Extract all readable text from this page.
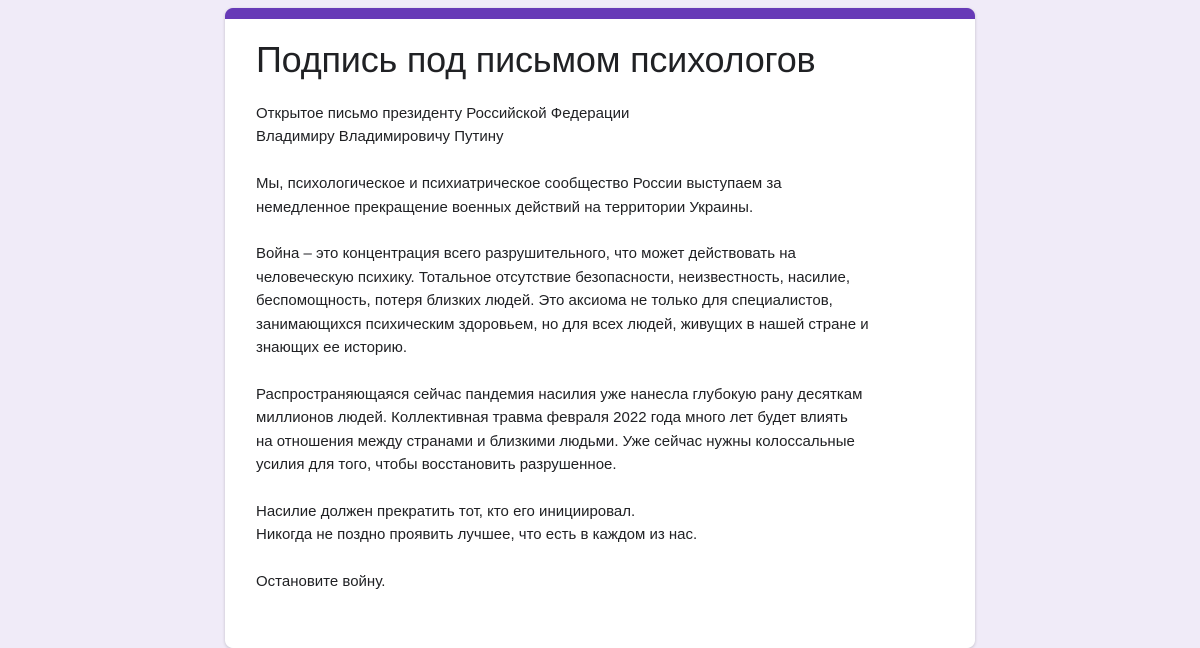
Подпись под письмом психологов

Открытое письмо президенту Российской Федерации
Владимиру Владимировичу Путину

Мы, психологическое и психиатрическое сообщество России выступаем за
немедленное прекращение военных действий на территории Украины.

Война – это концентрация всего разрушительного, что может действовать на
человеческую психику. Тотальное отсутствие безопасности, неизвестность, насилие,
беспомощность, потеря близких людей. Это аксиома не только для специалистов,
занимающихся психическим здоровьем, но для всех людей, живущих в нашей стране и
знающих ее историю.

Распространяющаяся сейчас пандемия насилия уже нанесла глубокую рану десяткам
миллионов людей. Коллективная травма февраля 2022 года много лет будет влиять
на отношения между странами и близкими людьми. Уже сейчас нужны колоссальные
усилия для того, чтобы восстановить разрушенное.

Насилие должен прекратить тот, кто его инициировал.
Никогда не поздно проявить лучшее, что есть в каждом из нас.

Остановите войну.
